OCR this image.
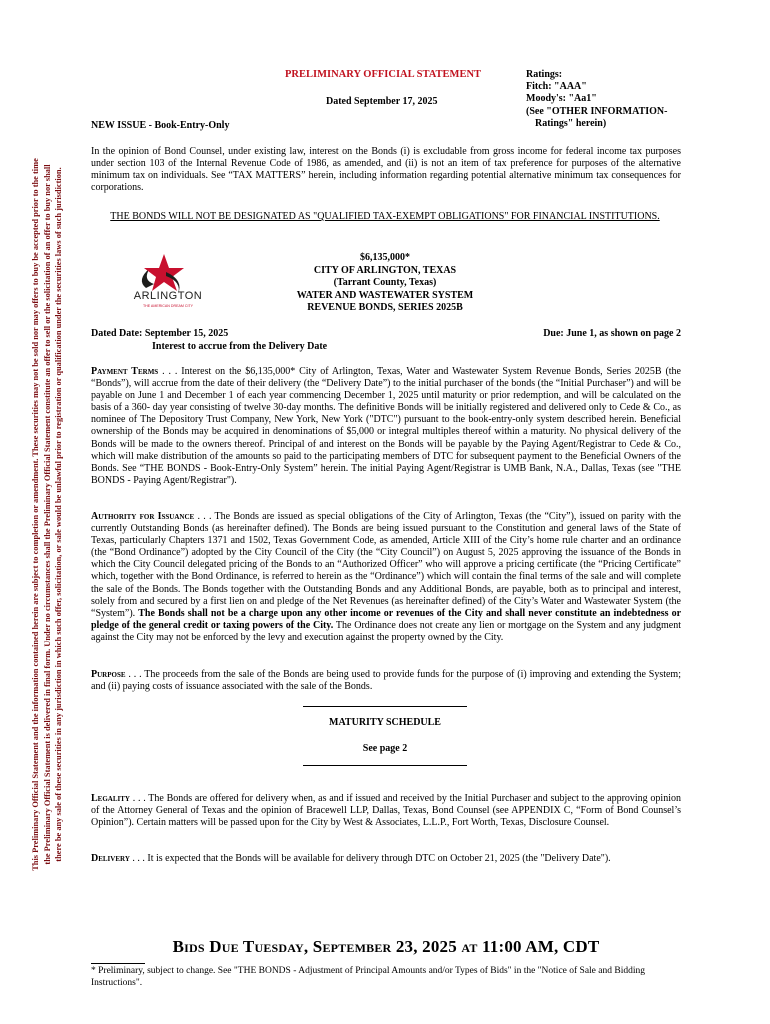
This Preliminary Official Statement and the information contained herein are subject to completion or amendment. These securities may not be sold nor may offers to buy be accepted prior to the time the Preliminary Official Statement is delivered in final form. Under no circumstances shall the Preliminary Official Statement constitute an offer to sell or the solicitation of an offer to buy nor shall there be any sale of these securities in any jurisdiction in which such offer, solicitation, or sale would be unlawful prior to registration or qualification under the securities laws of such jurisdiction.
PRELIMINARY OFFICIAL STATEMENT
Dated September 17, 2025
NEW ISSUE - Book-Entry-Only
Ratings:
Fitch: "AAA"
Moody's: "Aa1"
(See "OTHER INFORMATION-
Ratings" herein)
In the opinion of Bond Counsel, under existing law, interest on the Bonds (i) is excludable from gross income for federal income tax purposes under section 103 of the Internal Revenue Code of 1986, as amended, and (ii) is not an item of tax preference for purposes of the alternative minimum tax on individuals. See “TAX MATTERS” herein, including information regarding potential alternative minimum tax consequences for corporations.
THE BONDS WILL NOT BE DESIGNATED AS "QUALIFIED TAX-EXEMPT OBLIGATIONS" FOR FINANCIAL INSTITUTIONS.
ARLINGTON
THE AMERICAN DREAM CITY
$6,135,000*
CITY OF ARLINGTON, TEXAS
(Tarrant County, Texas)
WATER AND WASTEWATER SYSTEM
REVENUE BONDS, SERIES 2025B
Dated Date: September 15, 2025
Interest to accrue from the Delivery Date
Due: June 1, as shown on page 2
Payment Terms . . . Interest on the $6,135,000* City of Arlington, Texas, Water and Wastewater System Revenue Bonds, Series 2025B (the “Bonds”), will accrue from the date of their delivery (the “Delivery Date”) to the initial purchaser of the bonds (the “Initial Purchaser”) and will be payable on June 1 and December 1 of each year commencing December 1, 2025 until maturity or prior redemption, and will be calculated on the basis of a 360- day year consisting of twelve 30-day months. The definitive Bonds will be initially registered and delivered only to Cede & Co., as nominee of The Depository Trust Company, New York, New York ("DTC") pursuant to the book-entry-only system described herein. Beneficial ownership of the Bonds may be acquired in denominations of $5,000 or integral multiples thereof within a maturity. No physical delivery of the Bonds will be made to the owners thereof. Principal of and interest on the Bonds will be payable by the Paying Agent/Registrar to Cede & Co., which will make distribution of the amounts so paid to the participating members of DTC for subsequent payment to the Beneficial Owners of the Bonds. See “THE BONDS - Book-Entry-Only System” herein. The initial Paying Agent/Registrar is UMB Bank, N.A., Dallas, Texas (see "THE BONDS - Paying Agent/Registrar").
Authority for Issuance . . . The Bonds are issued as special obligations of the City of Arlington, Texas (the “City”), issued on parity with the currently Outstanding Bonds (as hereinafter defined). The Bonds are being issued pursuant to the Constitution and general laws of the State of Texas, particularly Chapters 1371 and 1502, Texas Government Code, as amended, Article XIII of the City’s home rule charter and an ordinance (the “Bond Ordinance”) adopted by the City Council of the City (the “City Council”) on August 5, 2025 approving the issuance of the Bonds in which the City Council delegated pricing of the Bonds to an “Authorized Officer” who will approve a pricing certificate (the “Pricing Certificate” which, together with the Bond Ordinance, is referred to herein as the “Ordinance”) which will contain the final terms of the sale and will complete the sale of the Bonds. The Bonds together with the Outstanding Bonds and any Additional Bonds, are payable, both as to principal and interest, solely from and secured by a first lien on and pledge of the Net Revenues (as hereinafter defined) of the City’s Water and Wastewater System (the “System”). The Bonds shall not be a charge upon any other income or revenues of the City and shall never constitute an indebtedness or pledge of the general credit or taxing powers of the City. The Ordinance does not create any lien or mortgage on the System and any judgment against the City may not be enforced by the levy and execution against the property owned by the City.
Purpose . . . The proceeds from the sale of the Bonds are being used to provide funds for the purpose of (i) improving and extending the System; and (ii) paying costs of issuance associated with the sale of the Bonds.
MATURITY SCHEDULE
See page 2
Legality . . . The Bonds are offered for delivery when, as and if issued and received by the Initial Purchaser and subject to the approving opinion of the Attorney General of Texas and the opinion of Bracewell LLP, Dallas, Texas, Bond Counsel (see APPENDIX C, “Form of Bond Counsel’s Opinion”). Certain matters will be passed upon for the City by West & Associates, L.L.P., Fort Worth, Texas, Disclosure Counsel.
Delivery . . . It is expected that the Bonds will be available for delivery through DTC on October 21, 2025 (the "Delivery Date").
Bids Due Tuesday, September 23, 2025 at 11:00 AM, CDT
* Preliminary, subject to change. See "THE BONDS - Adjustment of Principal Amounts and/or Types of Bids" in the "Notice of Sale and Bidding Instructions".
